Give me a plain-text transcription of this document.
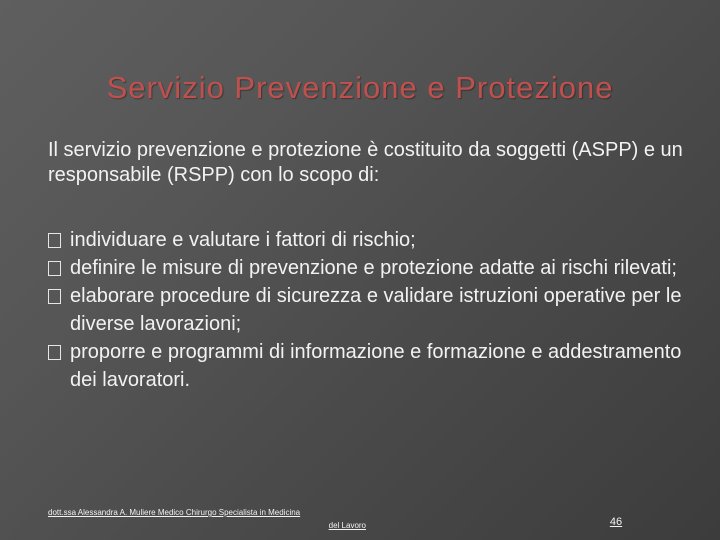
Servizio Prevenzione e Protezione
Il servizio prevenzione e protezione è costituito da soggetti (ASPP) e un responsabile (RSPP) con lo scopo di:
individuare e valutare i fattori di rischio;
definire le misure di prevenzione e protezione adatte ai rischi rilevati;
elaborare procedure di sicurezza e validare istruzioni operative per le diverse lavorazioni;
proporre e programmi di informazione e formazione e addestramento dei lavoratori.
dott.ssa Alessandra A. Muliere Medico Chirurgo Specialista in Medicina
del Lavoro	46
